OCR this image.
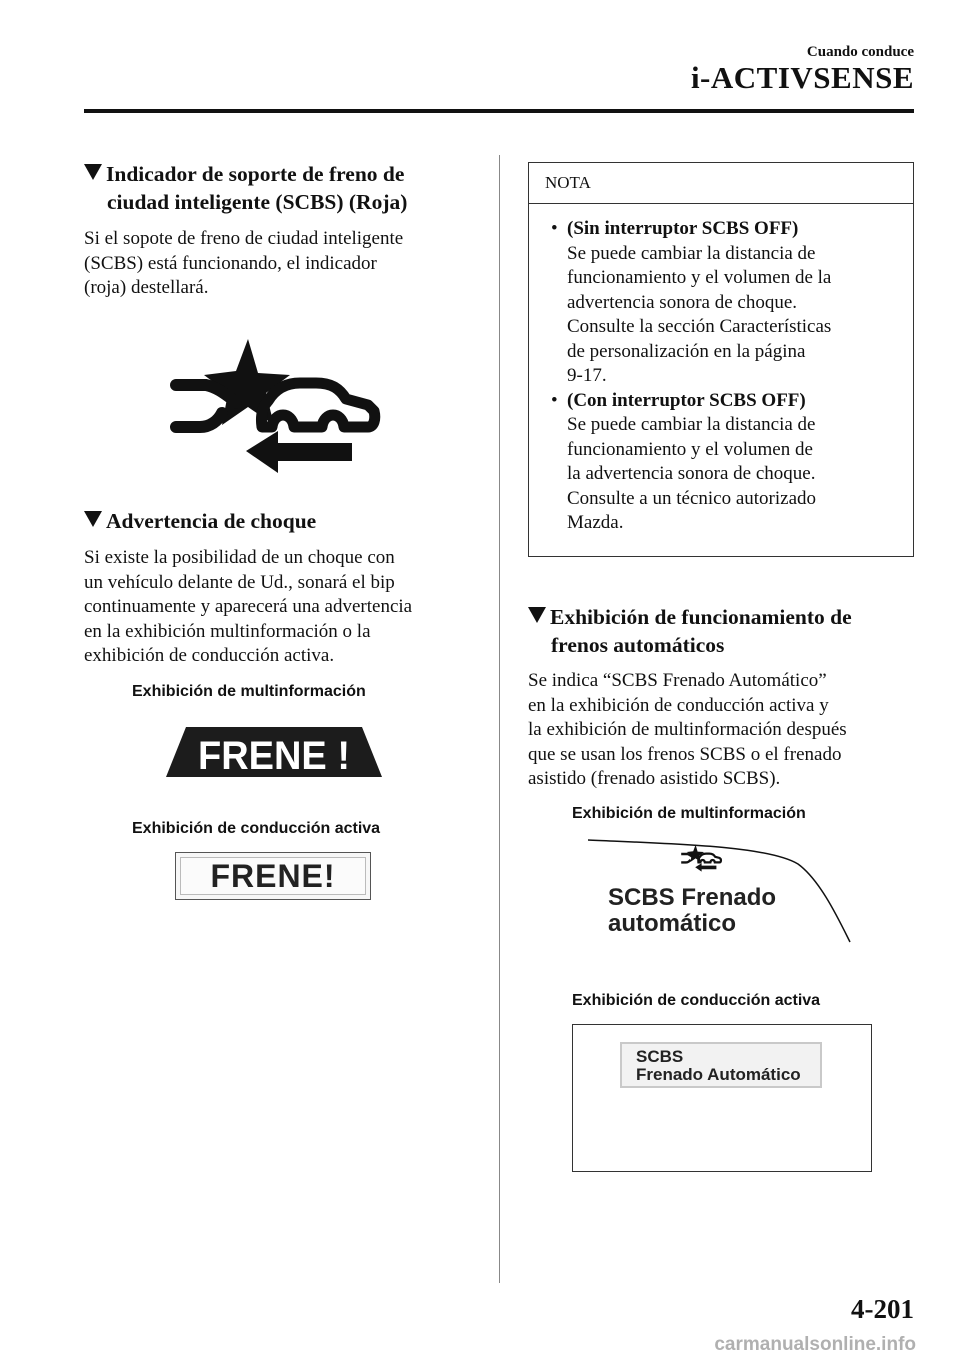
Cuando conduce
i-ACTIVSENSE
Indicador de soporte de freno de
ciudad inteligente (SCBS) (Roja)
Si el sopote de freno de ciudad inteligente
(SCBS) está funcionando, el indicador
(roja) destellará.
Advertencia de choque
Si existe la posibilidad de un choque con
un vehículo delante de Ud., sonará el bip
continuamente y aparecerá una advertencia
en la exhibición multinformación o la
exhibición de conducción activa.
Exhibición de multinformación
FRENE !
Exhibición de conducción activa
FRENE!
NOTA
• (Sin interruptor SCBS OFF)
Se puede cambiar la distancia de
funcionamiento y el volumen de la
advertencia sonora de choque.
Consulte la sección Características
de personalización en la página
9-17.
• (Con interruptor SCBS OFF)
Se puede cambiar la distancia de
funcionamiento y el volumen de
la advertencia sonora de choque.
Consulte a un técnico autorizado
Mazda.
Exhibición de funcionamiento de
frenos automáticos
Se indica “SCBS Frenado Automático”
en la exhibición de conducción activa y
la exhibición de multinformación después
que se usan los frenos SCBS o el frenado
asistido (frenado asistido SCBS).
Exhibición de multinformación
SCBS Frenado
automático
Exhibición de conducción activa
SCBS
Frenado Automático
4-201
carmanualsonline.info
